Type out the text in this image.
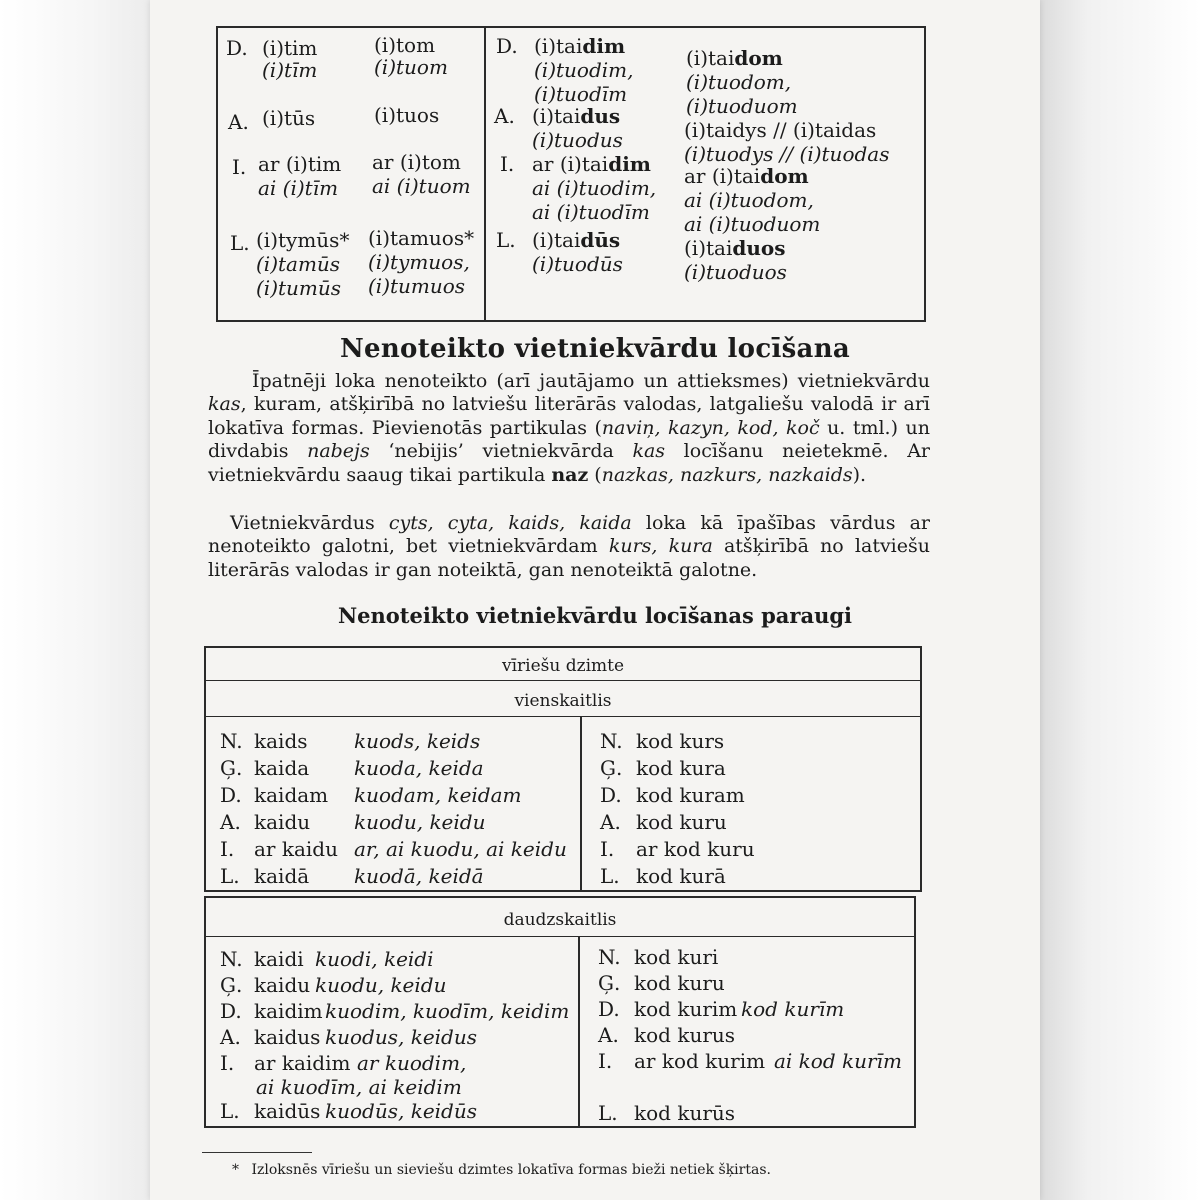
D. (i)tim
(i)tīm
(i)tom
(i)tuom
A. (i)tūs	(i)tuos
I. ar (i)tim
ai (i)tīm
ar (i)tom
ai (i)tuom
L. (i)tymūs*
(i)tamūs
(i)tumūs
(i)tamuos*
(i)tymuos,
(i)tumuos
D. (i)taidim
(i)tuodim,
(i)tuodīm
(i)taidom
(i)tuodom,
(i)tuoduom
A. (i)taidus
(i)tuodus	(i)taidys // (i)taidas
(i)tuodys // (i)tuodas
I. ar (i)taidim
ai (i)tuodim,
ai (i)tuodīm
ar (i)taidom
ai (i)tuodom,
ai (i)tuoduom
L. (i)taidūs
(i)tuodūs
(i)taiduos
(i)tuoduos
Nenoteikto vietniekvārdu locīšana

Īpatnēji loka nenoteikto (arī jautājamo un attieksmes) vietniekvārdu kas, kuram, atšķirībā no latviešu literārās valodas, latgaliešu valodā ir arī lokatīva formas. Pievienotās partikulas (naviņ, kazyn, kod, koč u. tml.) un divdabis nabejs ‘nebijis’ vietniekvārda kas locīšanu neietekmē. Ar vietniekvārdu saaug tikai partikula naz (nazkas, nazkurs, nazkaids).

Vietniekvārdus cyts, cyta, kaids, kaida loka kā īpašības vārdus ar nenoteikto galotni, bet vietniekvārdam kurs, kura atšķirībā no latviešu literārās valodas ir gan noteiktā, gan nenoteiktā galotne.

Nenoteikto vietniekvārdu locīšanas paraugi
vīriešu dzimte
vienskaitlis
daudzskaitlis
* Izloksnēs vīriešu un sieviešu dzimtes lokatīva formas bieži netiek šķirtas.
N. kaids kuods, keids
Ģ. kaida kuoda, keida
D. kaidam kuodam, keidam
A. kaidu kuodu, keidu
I. ar kaidu ar, ai kuodu, ai keidu
L. kaidā kuodā, keidā
N. kod kurs
Ģ. kod kura
D. kod kuram
A. kod kuru
I. ar kod kuru
L. kod kurā
N. kaidi kuodi, keidi
Ģ. kaidu kuodu, keidu
D. kaidim kuodim, kuodīm, keidim
A. kaidus kuodus, keidus
I. ar kaidim ar kuodim,
ai kuodīm, ai keidim
L. kaidūs kuodūs, keidūs
N. kod kuri
Ģ. kod kuru
D. kod kurim kod kurīm
A. kod kurus
I. ar kod kurim ai kod kurīm
L. kod kurūs
